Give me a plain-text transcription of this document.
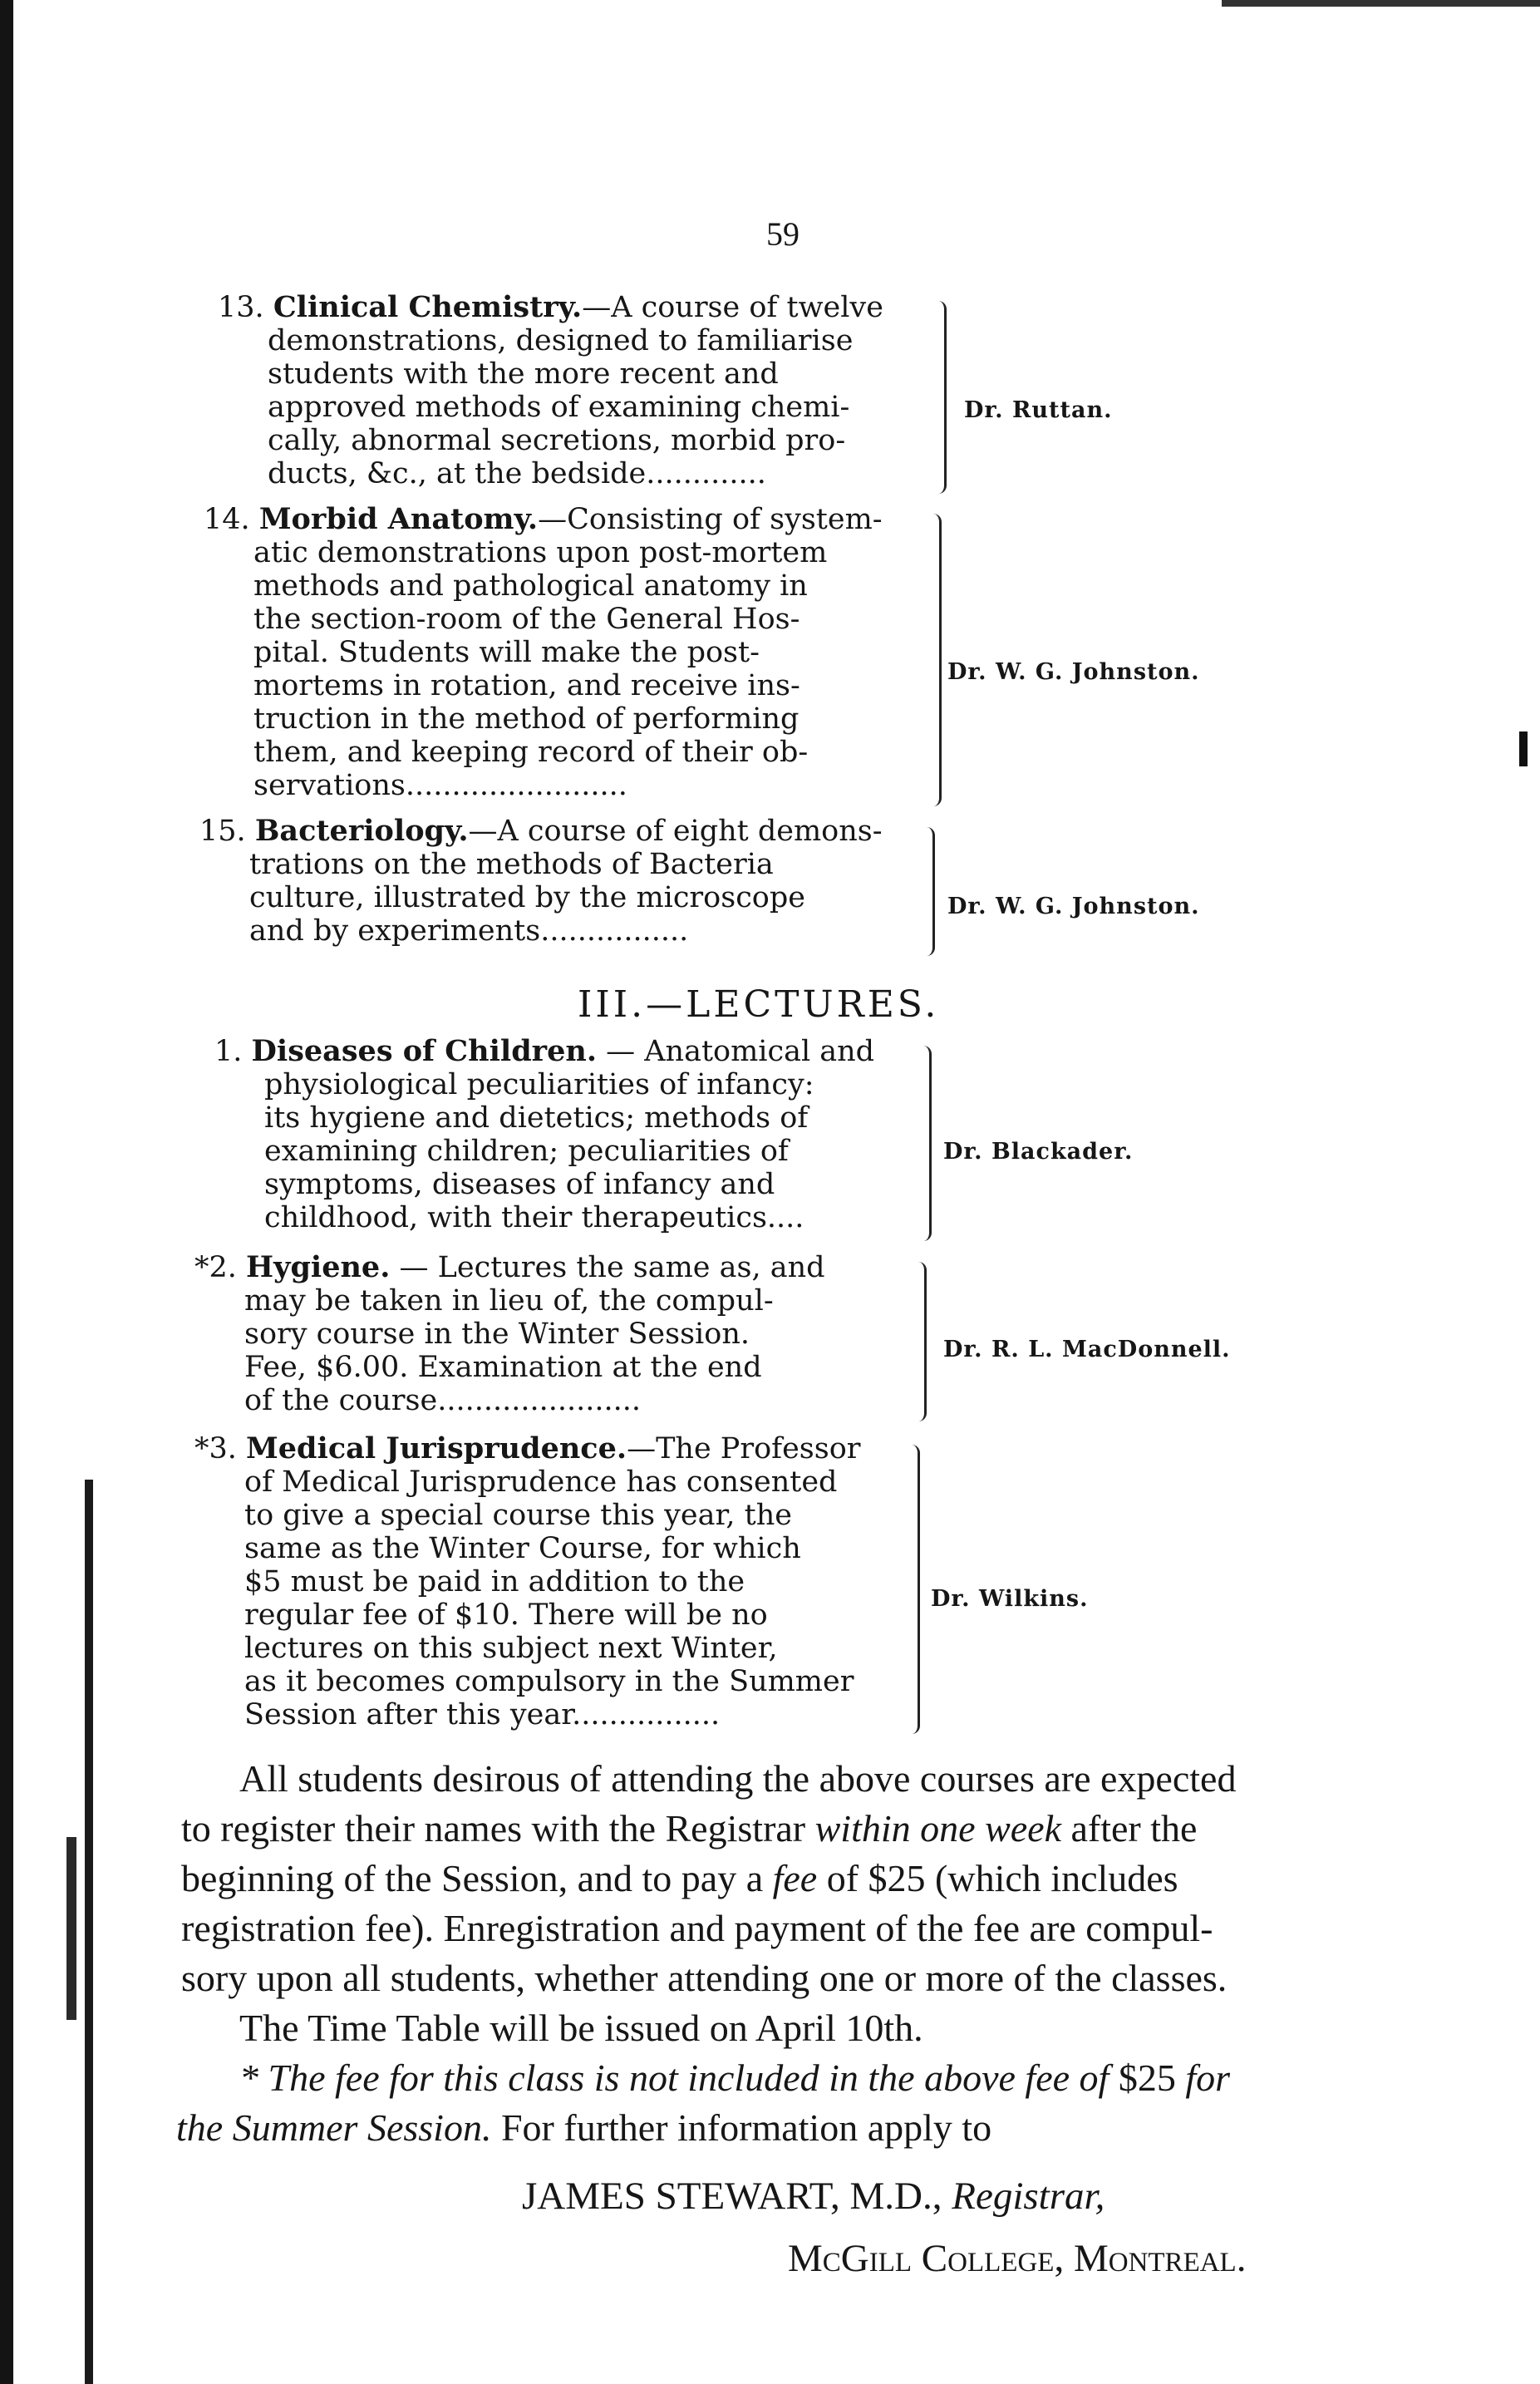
59
13. Clinical Chemistry.—A course of twelve
demonstrations, designed to familiarise
students with the more recent and
approved methods of examining chemi-
cally, abnormal secretions, morbid pro-
ducts, &c., at the bedside.............
Dr. Ruttan.
14. Morbid Anatomy.—Consisting of system-
atic demonstrations upon post-mortem
methods and pathological anatomy in
the section-room of the General Hos-
pital. Students will make the post-
mortems in rotation, and receive ins-
truction in the method of performing
them, and keeping record of their ob-
servations........................
Dr. W. G. Johnston.
15. Bacteriology.—A course of eight demons-
trations on the methods of Bacteria
culture, illustrated by the microscope
and by experiments................
Dr. W. G. Johnston.
III.—LECTURES.
1. Diseases of Children. — Anatomical and
physiological peculiarities of infancy:
its hygiene and dietetics; methods of
examining children; peculiarities of
symptoms, diseases of infancy and
childhood, with their therapeutics....
Dr. Blackader.
*2. Hygiene. — Lectures the same as, and
may be taken in lieu of, the compul-
sory course in the Winter Session.
Fee, $6.00. Examination at the end
of the course......................
Dr. R. L. MacDonnell.
*3. Medical Jurisprudence.—The Professor
of Medical Jurisprudence has consented
to give a special course this year, the
same as the Winter Course, for which
$5 must be paid in addition to the
regular fee of $10. There will be no
lectures on this subject next Winter,
as it becomes compulsory in the Summer
Session after this year................
Dr. Wilkins.
All students desirous of attending the above courses are expected
to register their names with the Registrar within one week after the
beginning of the Session, and to pay a fee of $25 (which includes
registration fee). Enregistration and payment of the fee are compul-
sory upon all students, whether attending one or more of the classes.
The Time Table will be issued on April 10th.
* The fee for this class is not included in the above fee of $25 for
the Summer Session. For further information apply to
JAMES STEWART, M.D., Registrar,
McGill College, Montreal.
